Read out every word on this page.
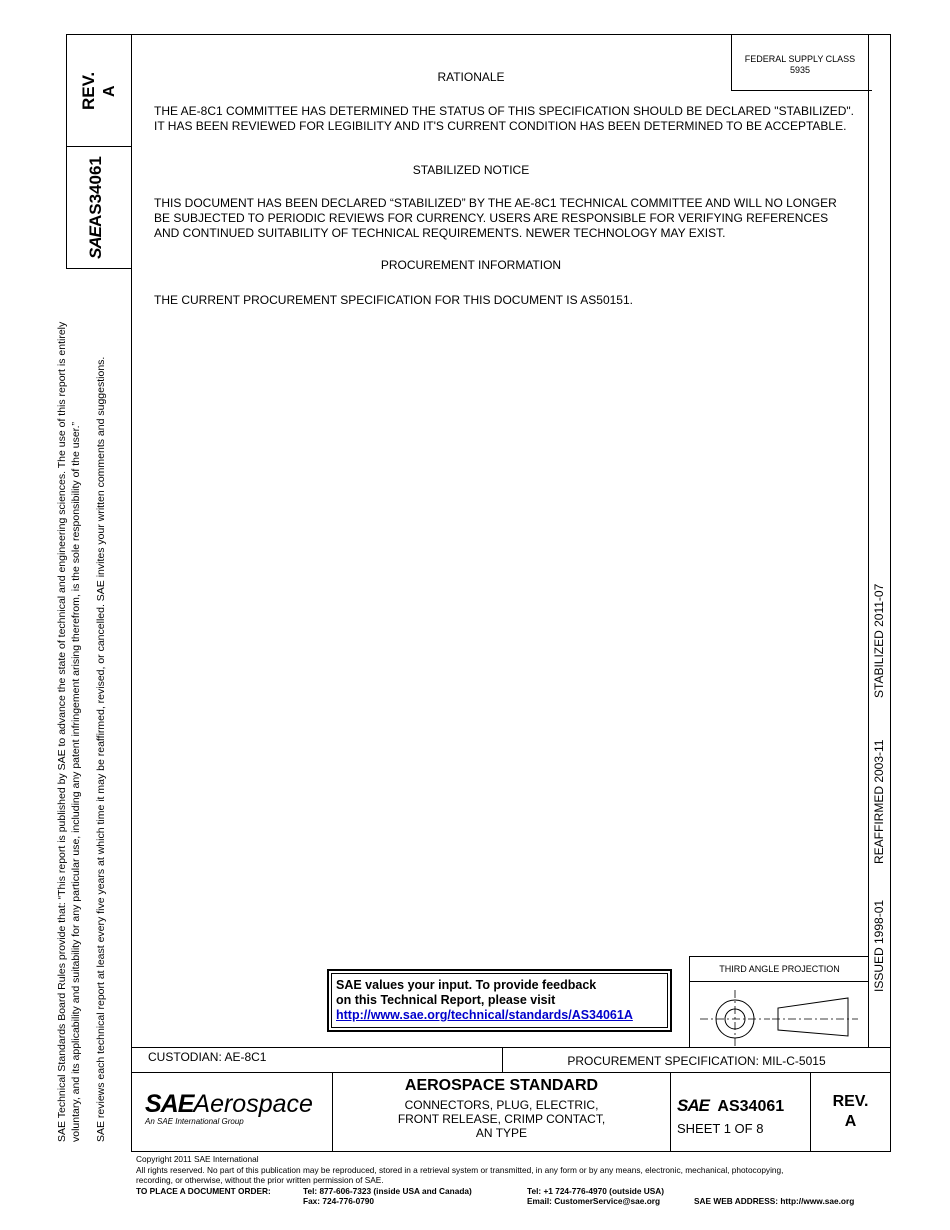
SAE Technical Standards Board Rules provide that: “This report is published by SAE to advance the state of technical and engineering sciences. The use of this report is entirely voluntary, and its applicability and suitability for any particular use, including any patent infringement arising therefrom, is the sole responsibility of the user.” SAE reviews each technical report at least every five years at which time it may be reaffirmed, revised, or cancelled. SAE invites your written comments and suggestions.
REV. A
SAEAS34061
ISSUED 1998-01
REAFFIRMED 2003-11
STABILIZED 2011-07
FEDERAL SUPPLY CLASS
5935
RATIONALE
THE AE-8C1 COMMITTEE HAS DETERMINED THE STATUS OF THIS SPECIFICATION SHOULD BE DECLARED "STABILIZED". IT HAS BEEN REVIEWED FOR LEGIBILITY AND IT'S CURRENT CONDITION HAS BEEN DETERMINED TO BE ACCEPTABLE.
STABILIZED NOTICE
THIS DOCUMENT HAS BEEN DECLARED “STABILIZED” BY THE AE-8C1 TECHNICAL COMMITTEE AND WILL NO LONGER BE SUBJECTED TO PERIODIC REVIEWS FOR CURRENCY. USERS ARE RESPONSIBLE FOR VERIFYING REFERENCES AND CONTINUED SUITABILITY OF TECHNICAL REQUIREMENTS. NEWER TECHNOLOGY MAY EXIST.
PROCUREMENT INFORMATION
THE CURRENT PROCUREMENT SPECIFICATION FOR THIS DOCUMENT IS AS50151.
SAE values your input. To provide feedback
on this Technical Report, please visit
http://www.sae.org/technical/standards/AS34061A
THIRD ANGLE PROJECTION
CUSTODIAN: AE-8C1	PROCUREMENT SPECIFICATION: MIL-C-5015
SAEAerospace
An SAE International Group
AEROSPACE STANDARD
CONNECTORS, PLUG, ELECTRIC,
FRONT RELEASE, CRIMP CONTACT,
AN TYPE
SAE AS34061
SHEET 1 OF 8
REV.
A
Copyright 2011 SAE International
All rights reserved. No part of this publication may be reproduced, stored in a retrieval system or transmitted, in any form or by any means, electronic, mechanical, photocopying,
recording, or otherwise, without the prior written permission of SAE.
TO PLACE A DOCUMENT ORDER:	Tel: 877-606-7323 (inside USA and Canada)
Fax: 724-776-0790
Tel: +1 724-776-4970 (outside USA)
Email: CustomerService@sae.org	SAE WEB ADDRESS: http://www.sae.org
